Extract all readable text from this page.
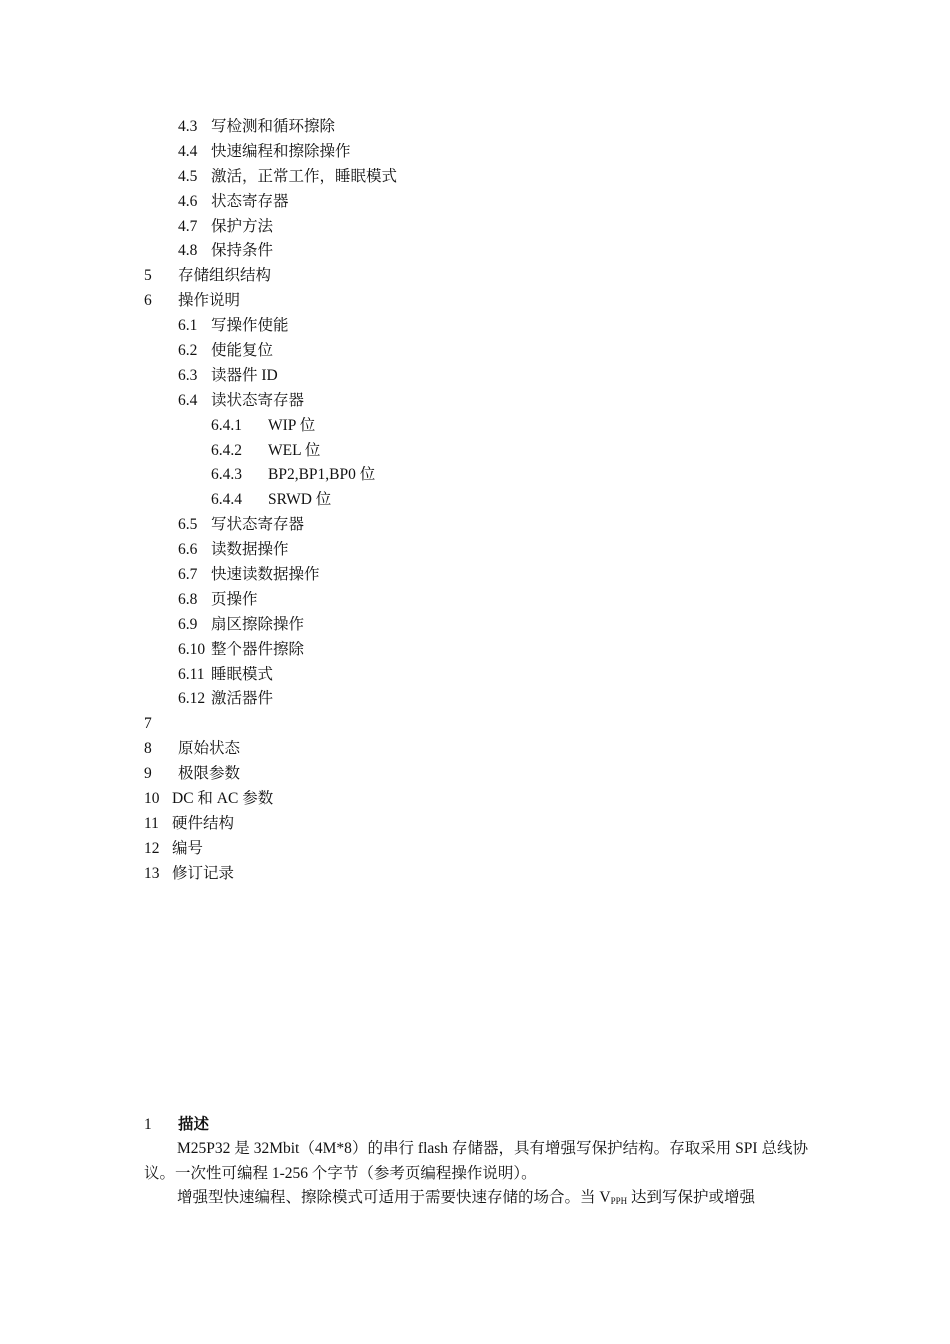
4.3 写检测和循环擦除
4.4 快速编程和擦除操作
4.5 激活，正常工作，睡眠模式
4.6 状态寄存器
4.7 保护方法
4.8 保持条件
5 存储组织结构
6 操作说明
6.1 写操作使能
6.2 使能复位
6.3 读器件 ID
6.4 读状态寄存器
6.4.1 WIP 位
6.4.2 WEL 位
6.4.3 BP2,BP1,BP0 位
6.4.4 SRWD 位
6.5 写状态寄存器
6.6 读数据操作
6.7 快速读数据操作
6.8 页操作
6.9 扇区擦除操作
6.10 整个器件擦除
6.11 睡眠模式
6.12 激活器件
7
8 原始状态
9 极限参数
10 DC 和 AC 参数
11 硬件结构
12 编号
13 修订记录
1 描述

M25P32 是 32Mbit（4M*8）的串行 flash 存储器，具有增强写保护结构。存取采用 SPI 总线协议。一次性可编程 1-256 个字节（参考页编程操作说明）。

增强型快速编程、擦除模式可适用于需要快速存储的场合。当 $V_{PPH}$ 达到写保护或增强
